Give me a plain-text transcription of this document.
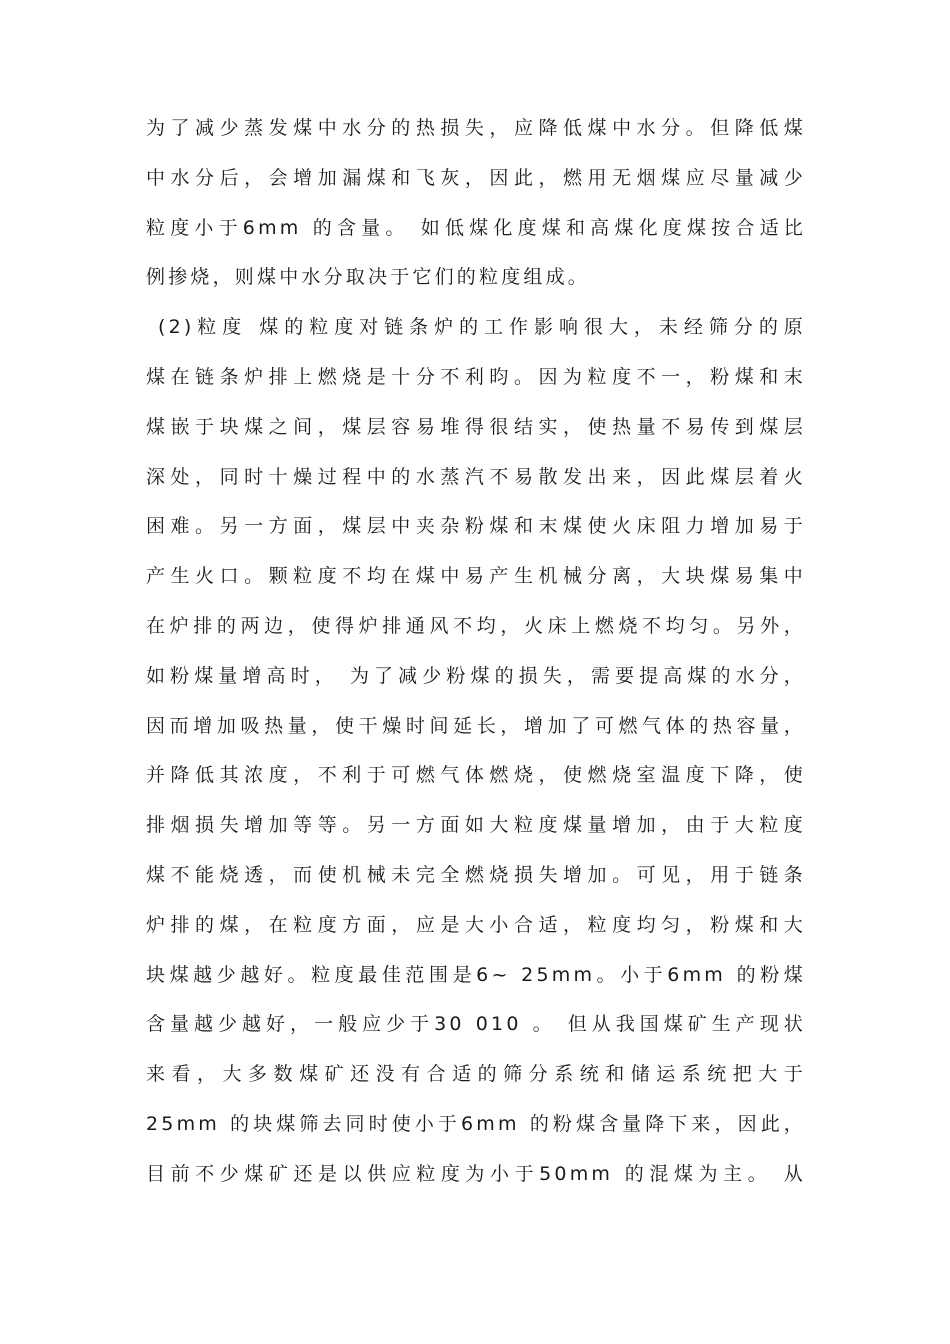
为了减少蒸发煤中水分的热损失，应降低煤中水分。但降低煤
中水分后，会增加漏煤和飞灰，因此，燃用无烟煤应尽量减少
粒度小于6mm 的含量。 如低煤化度煤和高煤化度煤按合适比
例掺烧，则煤中水分取决于它们的粒度组成。
(2)粒度 煤的粒度对链条炉的工作影响很大，未经筛分的原
煤在链条炉排上燃烧是十分不利昀。因为粒度不一，粉煤和末
煤嵌于块煤之间，煤层容易堆得很结实，使热量不易传到煤层
深处，同时十燥过程中的水蒸汽不易散发出来，因此煤层着火
困难。另一方面，煤层中夹杂粉煤和末煤使火床阻力增加易于
产生火口。颗粒度不均在煤中易产生机械分离，大块煤易集中
在炉排的两边，使得炉排通风不均，火床上燃烧不均匀。另外，
如粉煤量增高时， 为了减少粉煤的损失，需要提高煤的水分，
因而增加吸热量，使干燥时间延长，增加了可燃气体的热容量，
并降低其浓度，不利于可燃气体燃烧，使燃烧室温度下降，使
排烟损失增加等等。另一方面如大粒度煤量增加，由于大粒度
煤不能烧透，而使机械未完全燃烧损失增加。可见，用于链条
炉排的煤，在粒度方面，应是大小合适，粒度均匀，粉煤和大
块煤越少越好。粒度最佳范围是6~ 25mm。小于6mm 的粉煤
含量越少越好，一般应少于30 010 。 但从我国煤矿生产现状
来看，大多数煤矿还没有合适的筛分系统和储运系统把大于
25mm 的块煤筛去同时使小于6mm 的粉煤含量降下来，因此，
目前不少煤矿还是以供应粒度为小于50mm 的混煤为主。 从
